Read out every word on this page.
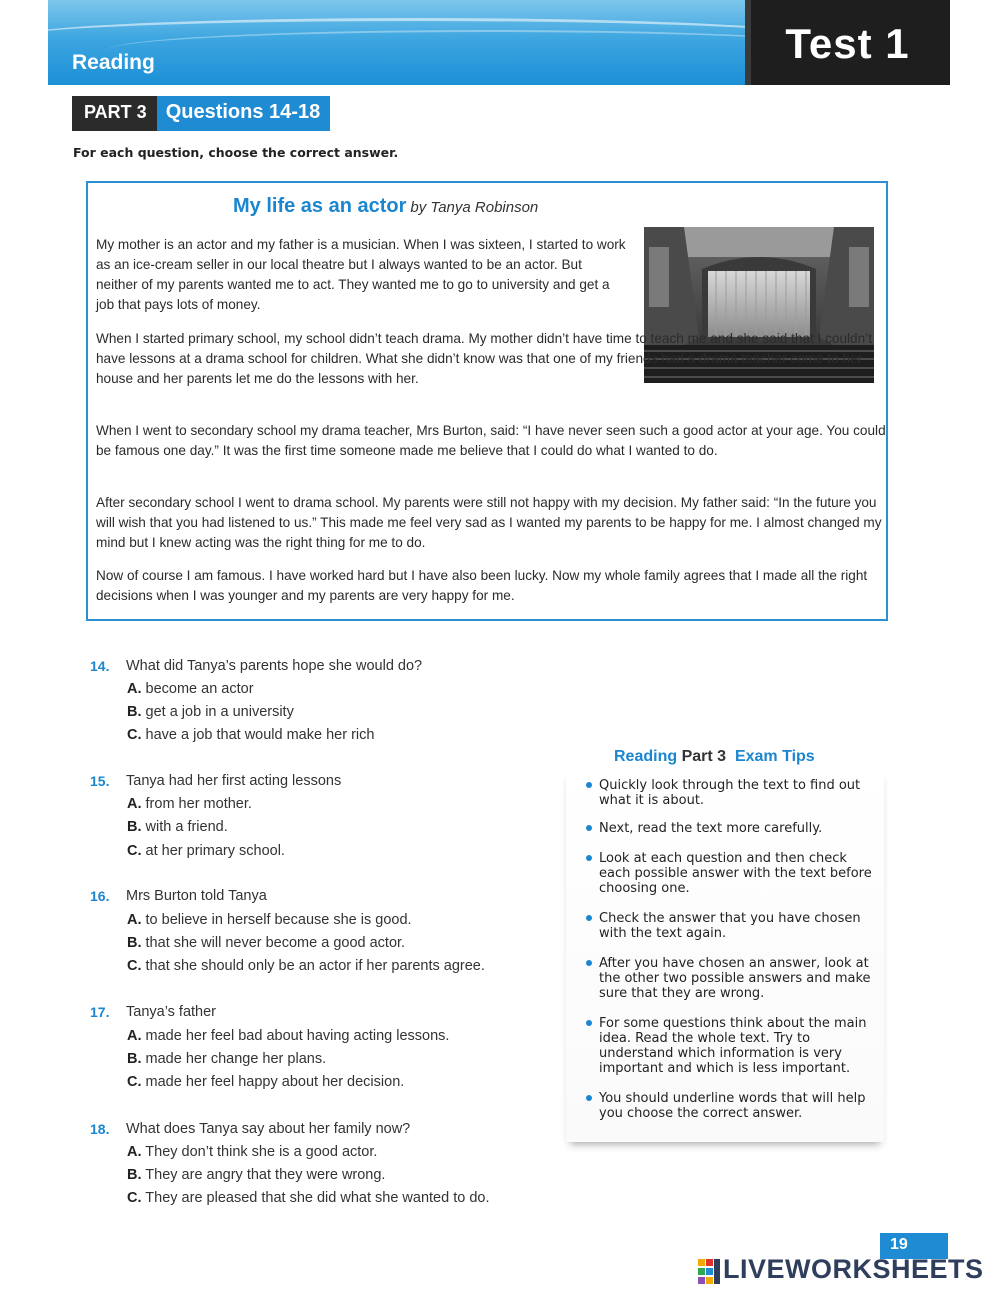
Reading	Test 1
PART 3 Questions 14-18
For each question, choose the correct answer.
My life as an actor by Tanya Robinson
My mother is an actor and my father is a musician. When I was sixteen, I started to work as an ice-cream seller in our local theatre but I always wanted to be an actor. But neither of my parents wanted me to act. They wanted me to go to university and get a job that pays lots of money.
When I started primary school, my school didn’t teach drama. My mother didn’t have time to teach me and she said that I couldn’t have lessons at a drama school for children. What she didn’t know was that one of my friends had a drama teacher come to her house and her parents let me do the lessons with her.
When I went to secondary school my drama teacher, Mrs Burton, said: “I have never seen such a good actor at your age. You could be famous one day.” It was the first time someone made me believe that I could do what I wanted to do.
After secondary school I went to drama school. My parents were still not happy with my decision. My father said: “In the future you will wish that you had listened to us.” This made me feel very sad as I wanted my parents to be happy for me. I almost changed my mind but I knew acting was the right thing for me to do.
Now of course I am famous. I have worked hard but I have also been lucky. Now my whole family agrees that I made all the right decisions when I was younger and my parents are very happy for me.
14. What did Tanya’s parents hope she would do?
A. become an actor
B. get a job in a university
C. have a job that would make her rich
15. Tanya had her first acting lessons
A. from her mother.
B. with a friend.
C. at her primary school.
16. Mrs Burton told Tanya
A. to believe in herself because she is good.
B. that she will never become a good actor.
C. that she should only be an actor if her parents agree.
17. Tanya’s father
A. made her feel bad about having acting lessons.
B. made her change her plans.
C. made her feel happy about her decision.
18. What does Tanya say about her family now?
A. They don’t think she is a good actor.
B. They are angry that they were wrong.
C. They are pleased that she did what she wanted to do.
Reading Part 3 Exam Tips
Quickly look through the text to find out what it is about.
Next, read the text more carefully.
Look at each question and then check each possible answer with the text before choosing one.
Check the answer that you have chosen with the text again.
After you have chosen an answer, look at the other two possible answers and make sure that they are wrong.
For some questions think about the main idea. Read the whole text. Try to understand which information is very important and which is less important.
You should underline words that will help you choose the correct answer.
19
LIVEWORKSHEETS
